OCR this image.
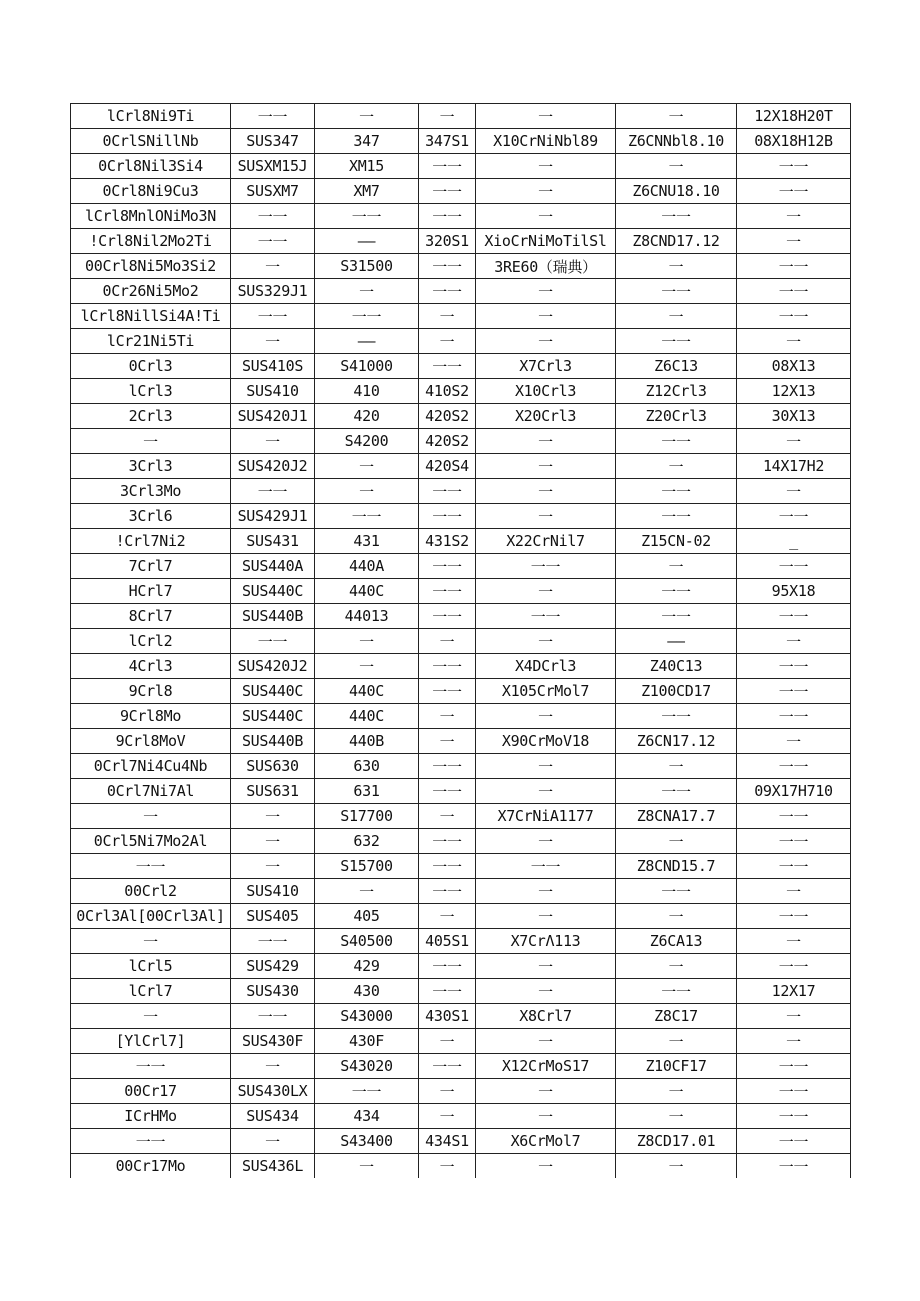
lCrl8Ni9Ti	一一	一	一	一	一	12X18H20T
0CrlSNillNb	SUS347	347	347S1	X10CrNiNbl89	Z6CNNbl8.10	08X18H12B
0Crl8Nil3Si4	SUSXM15J	XM15	一一	一	一	一一
0Crl8Ni9Cu3	SUSXM7	XM7	一一	一	Z6CNU18.10	一一
lCrl8MnlONiMo3N	一一	一一	一一	一	一一	一
!Crl8Nil2Mo2Ti	一一	——	320S1	XioCrNiMoTilSl	Z8CND17.12	一
00Crl8Ni5Mo3Si2	一	S31500	一一	3RE60（瑞典）	一	一一
0Cr26Ni5Mo2	SUS329J1	一	一一	一	一一	一一
lCrl8NillSi4A!Ti	一一	一一	一	一	一	一一
lCr21Ni5Ti	一	——	一	一	一一	一
0Crl3	SUS410S	S41000	一一	X7Crl3	Z6C13	08X13
lCrl3	SUS410	410	410S2	X10Crl3	Z12Crl3	12X13
2Crl3	SUS420J1	420	420S2	X20Crl3	Z20Crl3	30X13
一	一	S4200	420S2	一	一一	一
3Crl3	SUS420J2	一	420S4	一	一	14X17H2
3Crl3Mo	一一	一	一一	一	一一	一
3Crl6	SUS429J1	一一	一一	一	一一	一一
!Crl7Ni2	SUS431	431	431S2	X22CrNil7	Z15CN-02	_
7Crl7	SUS440A	440A	一一	一一	一	一一
HCrl7	SUS440C	440C	一一	一	一一	95X18
8Crl7	SUS440B	44013	一一	一一	一一	一一
lCrl2	一一	一	一	一	——	一
4Crl3	SUS420J2	一	一一	X4DCrl3	Z40C13	一一
9Crl8	SUS440C	440C	一一	X105CrMol7	Z100CD17	一一
9Crl8Mo	SUS440C	440C	一	一	一一	一一
9Crl8MoV	SUS440B	440B	一	X90CrMoV18	Z6CN17.12	一
0Crl7Ni4Cu4Nb	SUS630	630	一一	一	一	一一
0Crl7Ni7Al	SUS631	631	一一	一	一一	09X17H710
一	一	S17700	一	X7CrNiA1177	Z8CNA17.7	一一
0Crl5Ni7Mo2Al	一	632	一一	一	一	一一
一一	一	S15700	一一	一一	Z8CND15.7	一一
00Crl2	SUS410	一	一一	一	一一	一
0Crl3Al[00Crl3Al]	SUS405	405	一	一	一	一一
一	一一	S40500	405S1	X7CrΛ113	Z6CA13	一
lCrl5	SUS429	429	一一	一	一	一一
lCrl7	SUS430	430	一一	一	一一	12X17
一	一一	S43000	430S1	X8Crl7	Z8C17	一
[YlCrl7]	SUS430F	430F	一	一	一	一
一一	一	S43020	一一	X12CrMoS17	Z10CF17	一一
00Cr17	SUS430LX	一一	一	一	一	一一
ICrHMo	SUS434	434	一	一	一	一一
一一	一	S43400	434S1	X6CrMol7	Z8CD17.01	一一
00Cr17Mo	SUS436L	一	一	一	一	一一
